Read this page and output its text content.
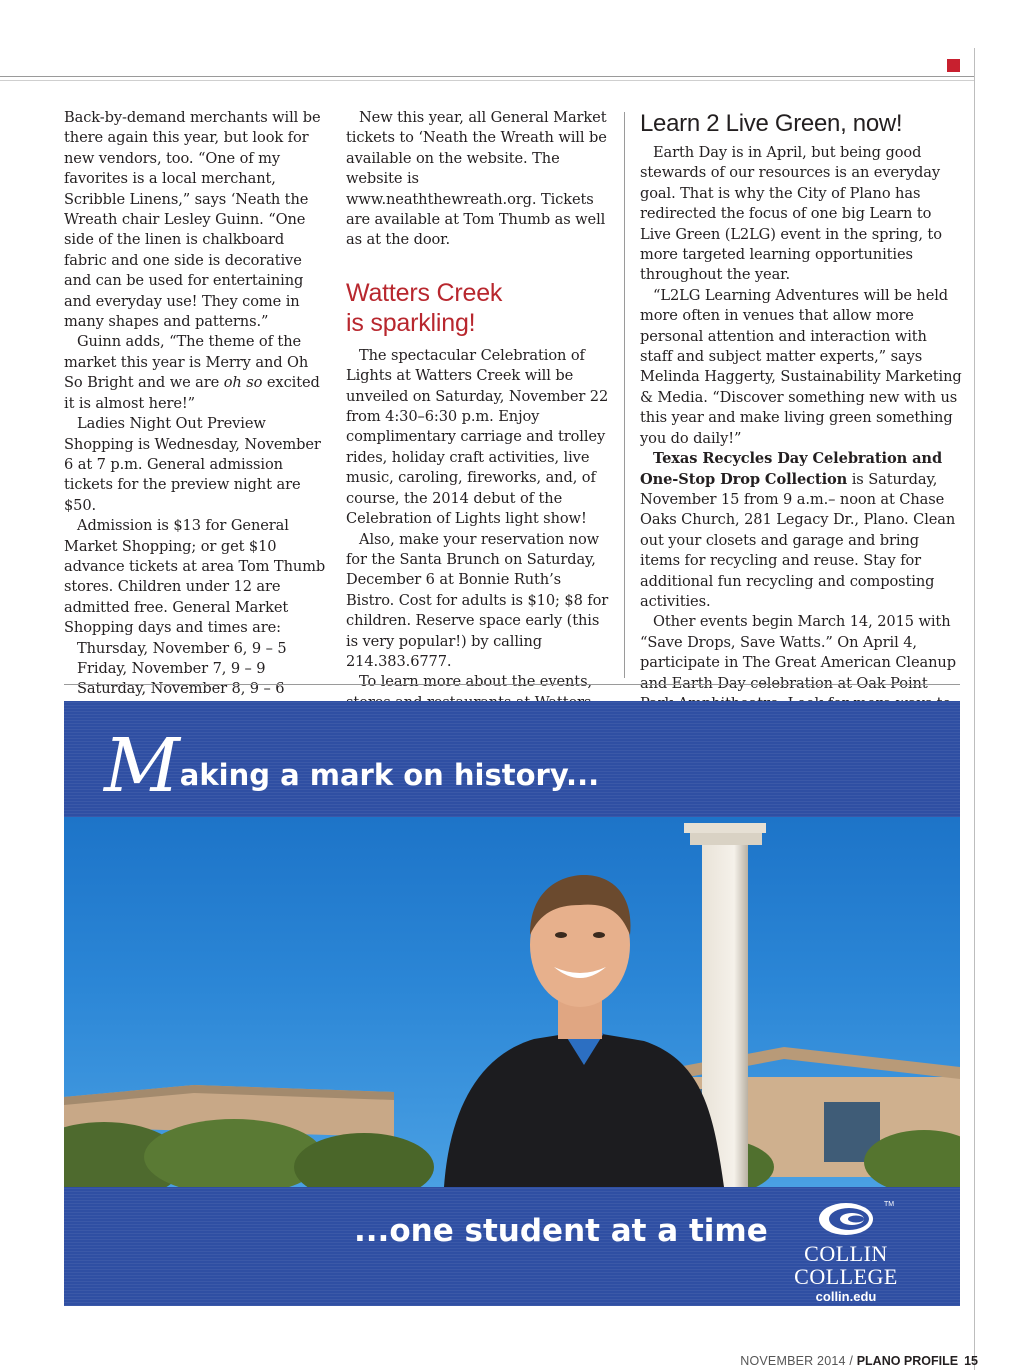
Back-by-demand merchants will be there again this year, but look for new vendors, too. “One of my favorites is a local merchant, Scribble Linens,” says ‘Neath the Wreath chair Lesley Guinn. “One side of the linen is chalkboard fabric and one side is decorative and can be used for entertaining and everyday use! They come in many shapes and patterns.”

Guinn adds, “The theme of the market this year is Merry and Oh So Bright and we are oh so excited it is almost here!”

Ladies Night Out Preview Shopping is Wednesday, November 6 at 7 p.m. General admission tickets for the preview night are $50.

Admission is $13 for General Market Shopping; or get $10 advance tickets at area Tom Thumb stores. Children under 12 are admitted free. General Market Shopping days and times are:

Thursday, November 6, 9 – 5

Friday, November 7, 9 – 9

Saturday, November 8, 9 – 6

New this year, all General Market tickets to ‘Neath the Wreath will be available on the website. The website is www.neaththewreath.org. Tickets are available at Tom Thumb as well as at the door.

Watters Creek
is sparkling!

The spectacular Celebration of Lights at Watters Creek will be unveiled on Saturday, November 22 from 4:30–6:30 p.m. Enjoy complimentary carriage and trolley rides, holiday craft activities, live music, caroling, fireworks, and, of course, the 2014 debut of the Celebration of Lights light show!

Also, make your reservation now for the Santa Brunch on Saturday, December 6 at Bonnie Ruth’s Bistro. Cost for adults is $10; $8 for children. Reserve space early (this is very popular!) by calling 214.383.6777.

To learn more about the events,

Learn 2 Live Green, now!

Earth Day is in April, but being good stewards of our resources is an everyday goal. That is why the City of Plano has redirected the focus of one big Learn to Live Green (L2LG) event in the spring, to more targeted learning opportunities throughout the year.

“L2LG Learning Adventures will be held more often in venues that allow more personal attention and interaction with staff and subject matter experts,” says Melinda Haggerty, Sustainability Marketing & Media. “Discover something new with us this year and make living green something you do daily!”

Texas Recycles Day Celebration and One-Stop Drop Collection is Saturday, November 15 from 9 a.m.– noon at Chase Oaks Church, 281 Legacy Dr., Plano. Clean out your closets and garage and bring items for recycling and reuse. Stay for additional fun recycling and composting activities.

Other events begin March 14, 2015 with “Save Drops, Save Watts.” On April 4, participate in The Great American Cleanup and Earth Day celebration at Oak Point

Making a mark on history...
...one student at a time
TM
COLLIN
COLLEGE
collin.edu
NOVEMBER 2014 / PLANO PROFILE 15
